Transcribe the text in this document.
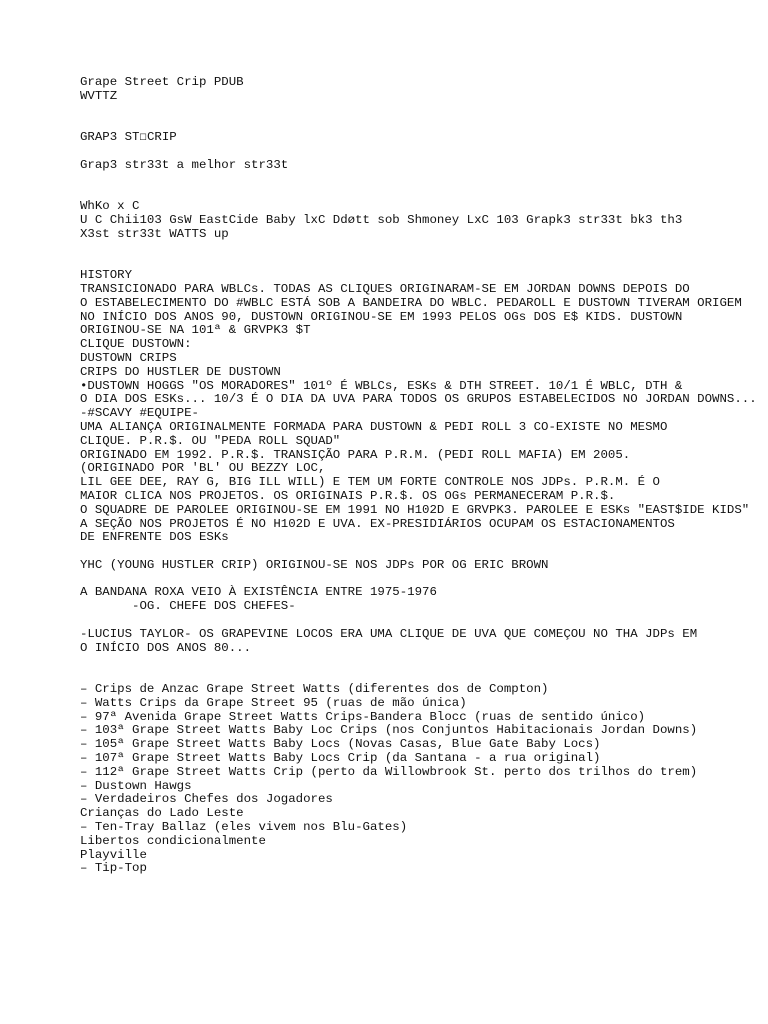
Grape Street Crip PDUB
WVTTZ
GRAP3 ST☐CRIP
Grap3 str33t a melhor str33t
WhKo x C
U C Chii103 GsW EastCide Baby lxC Ddøtt sob Shmoney LxC 103 Grapk3 str33t bk3 th3
X3st str33t WATTS up
HISTORY
TRANSICIONADO PARA WBLCs. TODAS AS CLIQUES ORIGINARAM-SE EM JORDAN DOWNS DEPOIS DO
O ESTABELECIMENTO DO #WBLC ESTÁ SOB A BANDEIRA DO WBLC. PEDAROLL E DUSTOWN TIVERAM ORIGEM
NO INÍCIO DOS ANOS 90, DUSTOWN ORIGINOU-SE EM 1993 PELOS OGs DOS E$ KIDS. DUSTOWN
ORIGINOU-SE NA 101ª & GRVPK3 $T
CLIQUE DUSTOWN:
DUSTOWN CRIPS
CRIPS DO HUSTLER DE DUSTOWN
•DUSTOWN HOGGS "OS MORADORES" 101º É WBLCs, ESKs & DTH STREET. 10/1 É WBLC, DTH &
O DIA DOS ESKs... 10/3 É O DIA DA UVA PARA TODOS OS GRUPOS ESTABELECIDOS NO JORDAN DOWNS...
-#SCAVY #EQUIPE-
UMA ALIANÇA ORIGINALMENTE FORMADA PARA DUSTOWN & PEDI ROLL 3 CO-EXISTE NO MESMO
CLIQUE. P.R.$. OU "PEDA ROLL SQUAD"
ORIGINADO EM 1992. P.R.$. TRANSIÇÃO PARA P.R.M. (PEDI ROLL MAFIA) EM 2005.
(ORIGINADO POR 'BL' OU BEZZY LOC,
LIL GEE DEE, RAY G, BIG ILL WILL) E TEM UM FORTE CONTROLE NOS JDPs. P.R.M. É O
MAIOR CLICA NOS PROJETOS. OS ORIGINAIS P.R.$. OS OGs PERMANECERAM P.R.$.
O SQUADRE DE PAROLEE ORIGINOU-SE EM 1991 NO H102D E GRVPK3. PAROLEE E ESKs "EAST$IDE KIDS"
A SEÇÃO NOS PROJETOS É NO H102D E UVA. EX-PRESIDIÁRIOS OCUPAM OS ESTACIONAMENTOS
DE ENFRENTE DOS ESKs
YHC (YOUNG HUSTLER CRIP) ORIGINOU-SE NOS JDPs POR OG ERIC BROWN
A BANDANA ROXA VEIO À EXISTÊNCIA ENTRE 1975-1976
-OG. CHEFE DOS CHEFES-
-LUCIUS TAYLOR- OS GRAPEVINE LOCOS ERA UMA CLIQUE DE UVA QUE COMEÇOU NO THA JDPs EM
O INÍCIO DOS ANOS 80...
– Crips de Anzac Grape Street Watts (diferentes dos de Compton)
– Watts Crips da Grape Street 95 (ruas de mão única)
– 97ª Avenida Grape Street Watts Crips-Bandera Blocc (ruas de sentido único)
– 103ª Grape Street Watts Baby Loc Crips (nos Conjuntos Habitacionais Jordan Downs)
– 105ª Grape Street Watts Baby Locs (Novas Casas, Blue Gate Baby Locs)
– 107ª Grape Street Watts Baby Locs Crip (da Santana - a rua original)
– 112ª Grape Street Watts Crip (perto da Willowbrook St. perto dos trilhos do trem)
– Dustown Hawgs
– Verdadeiros Chefes dos Jogadores
Crianças do Lado Leste
– Ten-Tray Ballaz (eles vivem nos Blu-Gates)
Libertos condicionalmente
Playville
– Tip-Top
